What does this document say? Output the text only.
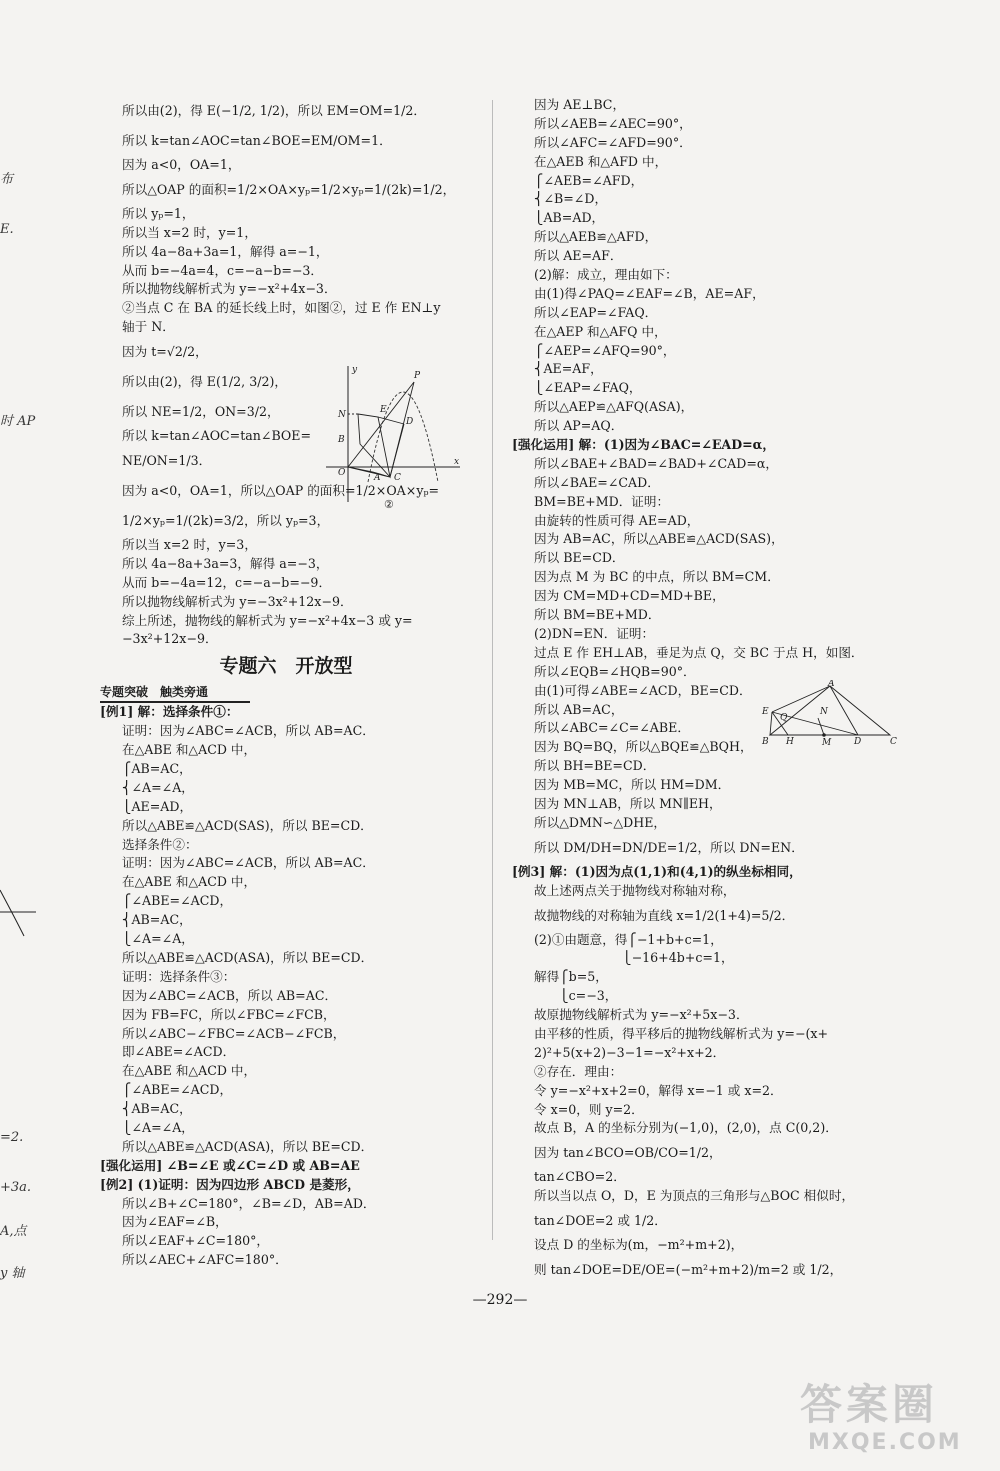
布
E.
时 AP
=2.
+3a.
A,点
y 轴
所以由(2)，得 E(−1/2, 1/2)，所以 EM=OM=1/2．
所以 k=tan∠AOC=tan∠BOE=EM/OM=1．
因为 a<0，OA=1，
所以△OAP 的面积=1/2×OA×yₚ=1/2×yₚ=1/(2k)=1/2，
所以 yₚ=1，
所以当 x=2 时，y=1，
所以 4a−8a+3a=1，解得 a=−1，
从而 b=−4a=4，c=−a−b=−3．
所以抛物线解析式为 y=−x²+4x−3．
②当点 C 在 BA 的延长线上时，如图②，过 E 作 EN⊥y
轴于 N．
因为 t=√2/2，
所以由(2)，得 E(1/2, 3/2)，
所以 NE=1/2，ON=3/2，
所以 k=tan∠AOC=tan∠BOE=
NE/ON=1/3．
因为 a<0，OA=1，所以△OAP 的面积=1/2×OA×yₚ=
1/2×yₚ=1/(2k)=3/2，所以 yₚ=3，
所以当 x=2 时，y=3，
所以 4a−8a+3a=3，解得 a=−3，
从而 b=−4a=12，c=−a−b=−9．
所以抛物线解析式为 y=−3x²+12x−9．
综上所述，抛物线的解析式为 y=−x²+4x−3 或 y=
−3x²+12x−9．
专题六　开放型
专题突破　触类旁通
[例1] 解：选择条件①：
证明：因为∠ABC=∠ACB，所以 AB=AC．
在△ABE 和△ACD 中，
⎧AB=AC，
⎨∠A=∠A，
⎩AE=AD，
所以△ABE≌△ACD(SAS)，所以 BE=CD．
选择条件②：
证明：因为∠ABC=∠ACB，所以 AB=AC．
在△ABE 和△ACD 中，
⎧∠ABE=∠ACD，
⎨AB=AC，
⎩∠A=∠A，
所以△ABE≌△ACD(ASA)，所以 BE=CD．
证明：选择条件③：
因为∠ABC=∠ACB，所以 AB=AC．
因为 FB=FC，所以∠FBC=∠FCB，
所以∠ABC−∠FBC=∠ACB−∠FCB，
即∠ABE=∠ACD．
在△ABE 和△ACD 中，
⎧∠ABE=∠ACD，
⎨AB=AC，
⎩∠A=∠A，
所以△ABE≌△ACD(ASA)，所以 BE=CD．
[强化运用] ∠B=∠E 或∠C=∠D 或 AB=AE
[例2] (1)证明：因为四边形 ABCD 是菱形，
所以∠B+∠C=180°，∠B=∠D，AB=AD．
因为∠EAF=∠B，
所以∠EAF+∠C=180°，
所以∠AEC+∠AFC=180°．
因为 AE⊥BC，
所以∠AEB=∠AEC=90°，
所以∠AFC=∠AFD=90°．
在△AEB 和△AFD 中，
⎧∠AEB=∠AFD，
⎨∠B=∠D，
⎩AB=AD，
所以△AEB≌△AFD，
所以 AE=AF．
(2)解：成立，理由如下：
由(1)得∠PAQ=∠EAF=∠B，AE=AF，
所以∠EAP=∠FAQ．
在△AEP 和△AFQ 中，
⎧∠AEP=∠AFQ=90°，
⎨AE=AF，
⎩∠EAP=∠FAQ，
所以△AEP≌△AFQ(ASA)，
所以 AP=AQ．
[强化运用] 解：(1)因为∠BAC=∠EAD=α，
所以∠BAE+∠BAD=∠BAD+∠CAD=α，
所以∠BAE=∠CAD．
BM=BE+MD．证明：
由旋转的性质可得 AE=AD，
因为 AB=AC，所以△ABE≌△ACD(SAS)，
所以 BE=CD．
因为点 M 为 BC 的中点，所以 BM=CM．
因为 CM=MD+CD=MD+BE，
所以 BM=BE+MD．
(2)DN=EN．证明：
过点 E 作 EH⊥AB，垂足为点 Q，交 BC 于点 H，如图．
所以∠EQB=∠HQB=90°．
由(1)可得∠ABE=∠ACD，BE=CD．
所以 AB=AC，
所以∠ABC=∠C=∠ABE．
因为 BQ=BQ，所以△BQE≌△BQH，
所以 BH=BE=CD．
因为 MB=MC，所以 HM=DM．
因为 MN⊥AB，所以 MN∥EH，
所以△DMN∽△DHE，
所以 DM/DH=DN/DE=1/2，所以 DN=EN．
[例3] 解：(1)因为点(1,1)和(4,1)的纵坐标相同，
故上述两点关于抛物线对称轴对称，
故抛物线的对称轴为直线 x=1/2(1+4)=5/2．
(2)①由题意，得⎧−1+b+c=1，
　　　　　　　⎩−16+4b+c=1，
解得⎧b=5，
　　⎩c=−3，
故原抛物线解析式为 y=−x²+5x−3．
由平移的性质，得平移后的抛物线解析式为 y=−(x+
2)²+5(x+2)−3−1=−x²+x+2．
②存在．理由：
令 y=−x²+x+2=0，解得 x=−1 或 x=2．
令 x=0，则 y=2．
故点 B，A 的坐标分别为(−1,0)，(2,0)，点 C(0,2)．
因为 tan∠BCO=OB/CO=1/2，
tan∠CBO=2．
所以当以点 O，D，E 为顶点的三角形与△BOC 相似时，
tan∠DOE=2 或 1/2．
设点 D 的坐标为(m，−m²+m+2)，
则 tan∠DOE=DE/OE=(−m²+m+2)/m=2 或 1/2，
y
P
N	E
B
D
O	A C
x
②
A
E
Q
N
B H	M	D	C
—292—
答案圈
MXQE.COM
